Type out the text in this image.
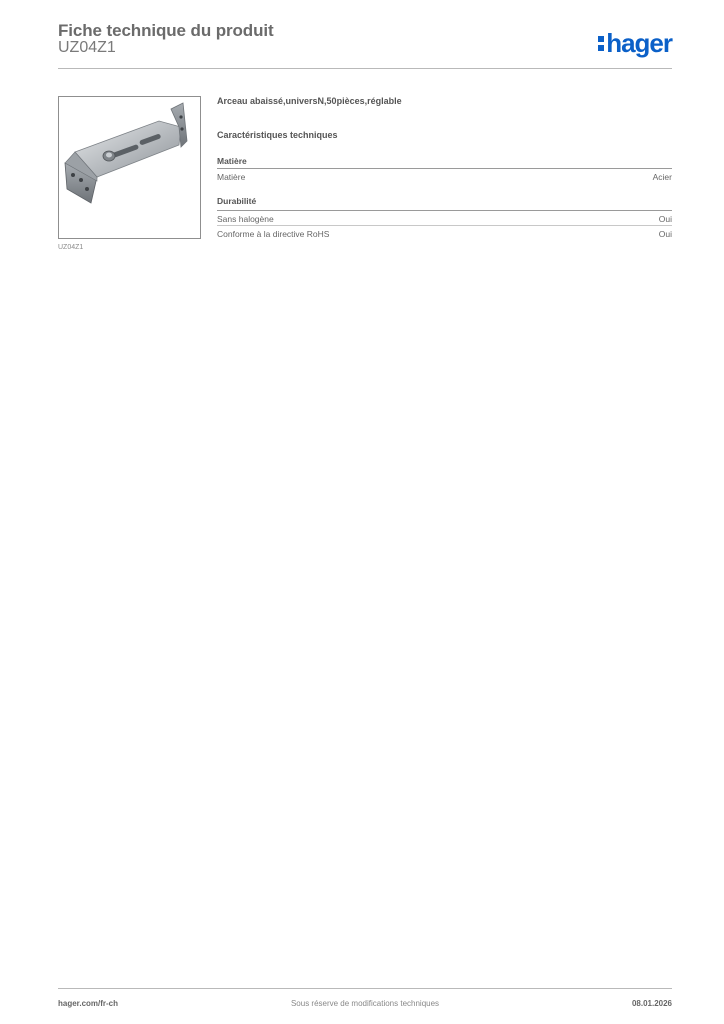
Fiche technique du produit
UZ04Z1	hager
UZ04Z1
Arceau abaissé,universN,50pièces,réglable
Caractéristiques techniques
Matière
Matière	Acier
Durabilité
Sans halogène	Oui
Conforme à la directive RoHS	Oui
hager.com/fr-ch	Sous réserve de modifications techniques	08.01.2026
